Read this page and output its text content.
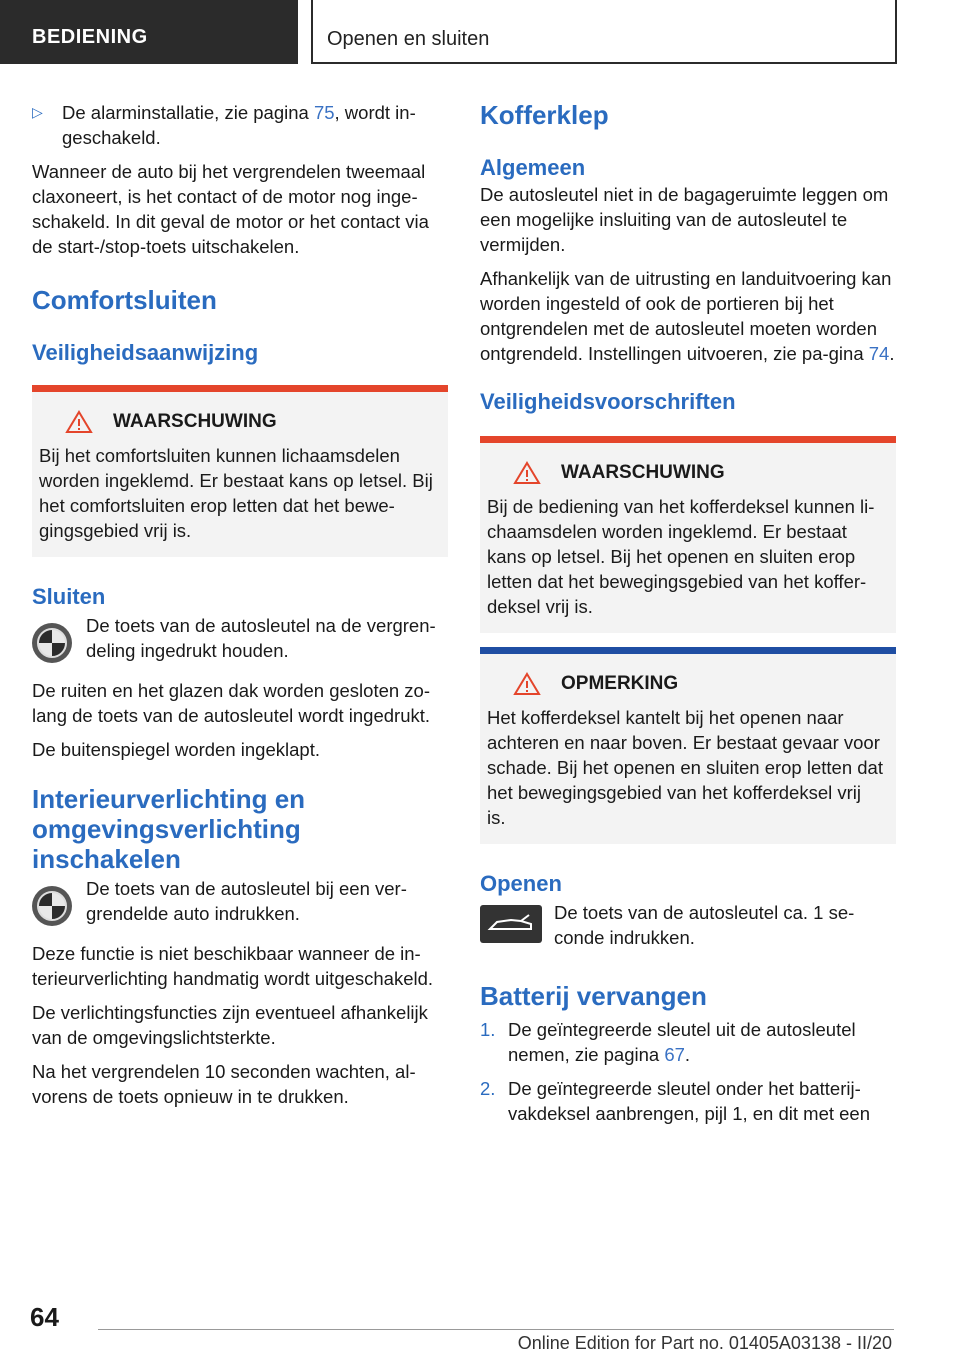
BEDIENING	Openen en sluiten

▷ De alarminstallatie, zie pagina 75, wordt in-geschakeld.

Wanneer de auto bij het vergrendelen tweemaal claxoneert, is het contact of de motor nog inge-schakeld. In dit geval de motor or het contact via de start-/stop-toets uitschakelen.

Comfortsluiten
Veiligheidsaanwijzing
WAARSCHUWING

Bij het comfortsluiten kunnen lichaamsdelen worden ingeklemd. Er bestaat kans op letsel. Bij het comfortsluiten erop letten dat het bewe-gingsgebied vrij is.

Sluiten

De toets van de autosleutel na de vergren-deling ingedrukt houden.

De ruiten en het glazen dak worden gesloten zo-lang de toets van de autosleutel wordt ingedrukt.

De buitenspiegel worden ingeklapt.

Interieurverlichting en omgevingsverlichting inschakelen

De toets van de autosleutel bij een ver-grendelde auto indrukken.

Deze functie is niet beschikbaar wanneer de in-terieurverlichting handmatig wordt uitgeschakeld.

De verlichtingsfuncties zijn eventueel afhankelijk van de omgevingslichtsterkte.

Na het vergrendelen 10 seconden wachten, al-vorens de toets opnieuw in te drukken.

Kofferklep
Algemeen

De autosleutel niet in de bagageruimte leggen om een mogelijke insluiting van de autosleutel te vermijden.

Afhankelijk van de uitrusting en landuitvoering kan worden ingesteld of ook de portieren bij het ontgrendelen met de autosleutel moeten worden ontgrendeld. Instellingen uitvoeren, zie pa-gina 74.

Veiligheidsvoorschriften
WAARSCHUWING

Bij de bediening van het kofferdeksel kunnen li-chaamsdelen worden ingeklemd. Er bestaat kans op letsel. Bij het openen en sluiten erop letten dat het bewegingsgebied van het koffer-deksel vrij is.

OPMERKING

Het kofferdeksel kantelt bij het openen naar achteren en naar boven. Er bestaat gevaar voor schade. Bij het openen en sluiten erop letten dat het bewegingsgebied van het kofferdeksel vrij is.

Openen

De toets van de autosleutel ca. 1 se-conde indrukken.

Batterij vervangen

1. De geïntegreerde sleutel uit de autosleutel nemen, zie pagina 67.

2. De geïntegreerde sleutel onder het batterij-vakdeksel aanbrengen, pijl 1, en dit met een

64
Online Edition for Part no. 01405A03138 - II/20
